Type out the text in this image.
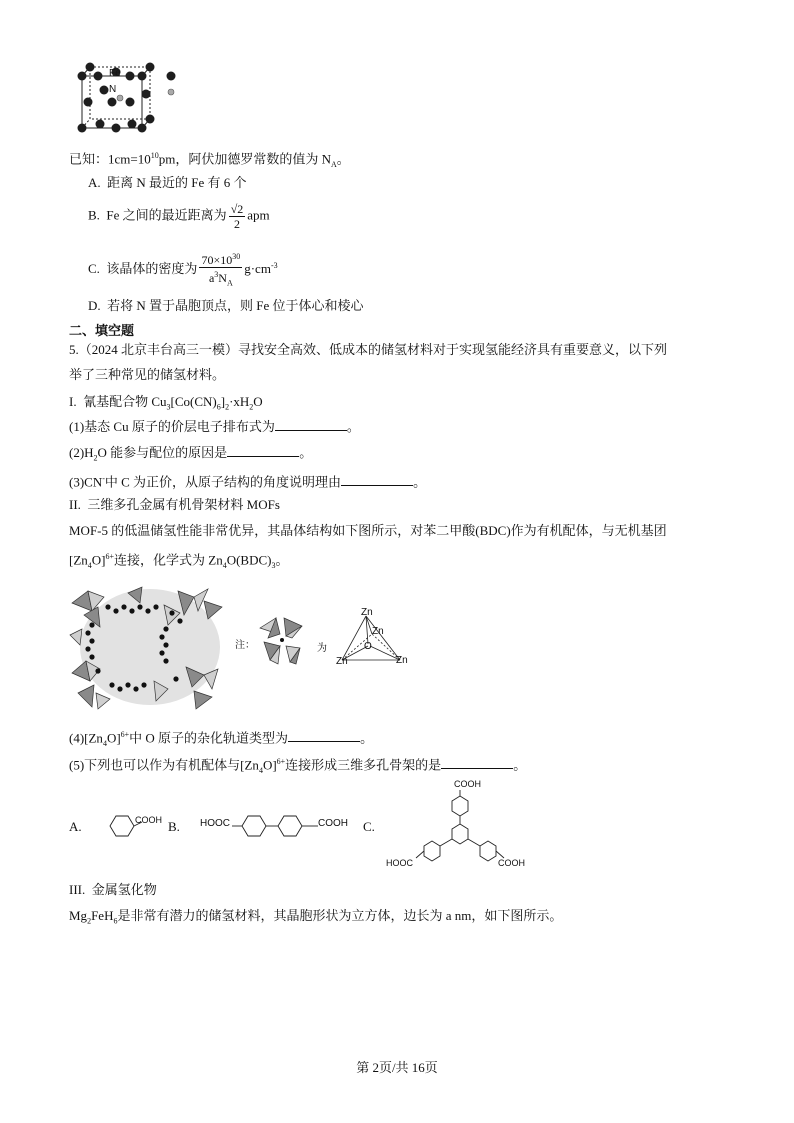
Fe
N
已知：$1cm=10^{10}pm$，阿伏加德罗常数的值为 $N_A$。
A. 距离 N 最近的 Fe 有 6 个
B. Fe 之间的最近距离为 $\frac{√2}{2}$ apm
C. 该晶体的密度为 $\frac{70\times 10^{30}}{a^3N_A} g\cdot cm^{-3}$
D. 若将 N 置于晶胞顶点，则 Fe 位于体心和棱心
二、填空题
5.（2024 北京丰台高三一模）寻找安全高效、低成本的储氢材料对于实现氢能经济具有重要意义，以下列
举了三种常见的储氢材料。
I. 氰基配合物 $Cu_3[Co(CN)_6]_2\cdot xH_2O$
(1)基态 Cu 原子的价层电子排布式为	。
$(2)H_2O$ 能参与配位的原因是	。
(3)CN-中 C 为正价，从原子结构的角度说明理由	。
II. 三维多孔金属有机骨架材料 MOFs
MOF-5 的低温储氢性能非常优异，其晶体结构如下图所示，对苯二甲酸(BDC)作为有机配体，与无机基团
$[Zn_4O]^{6+}$连接，化学式为 $Zn_4O(BDC)_3$。
注：	为
Zn
Zn
O
Zn	Zn
$(4)[Zn_4O]^{6+}$中 O 原子的杂化轨道类型为	。
(5)下列也可以作为有机配体与$[Zn_4O]^{6+}$连接形成三维多孔骨架的是	。
A.	COOH B. HOOC	COOH C.
COOH
HOOC	COOH
III. 金属氢化物
$Mg_2FeH_6$是非常有潜力的储氢材料，其晶胞形状为立方体，边长为 a nm，如下图所示。
第 2页/共 16页
